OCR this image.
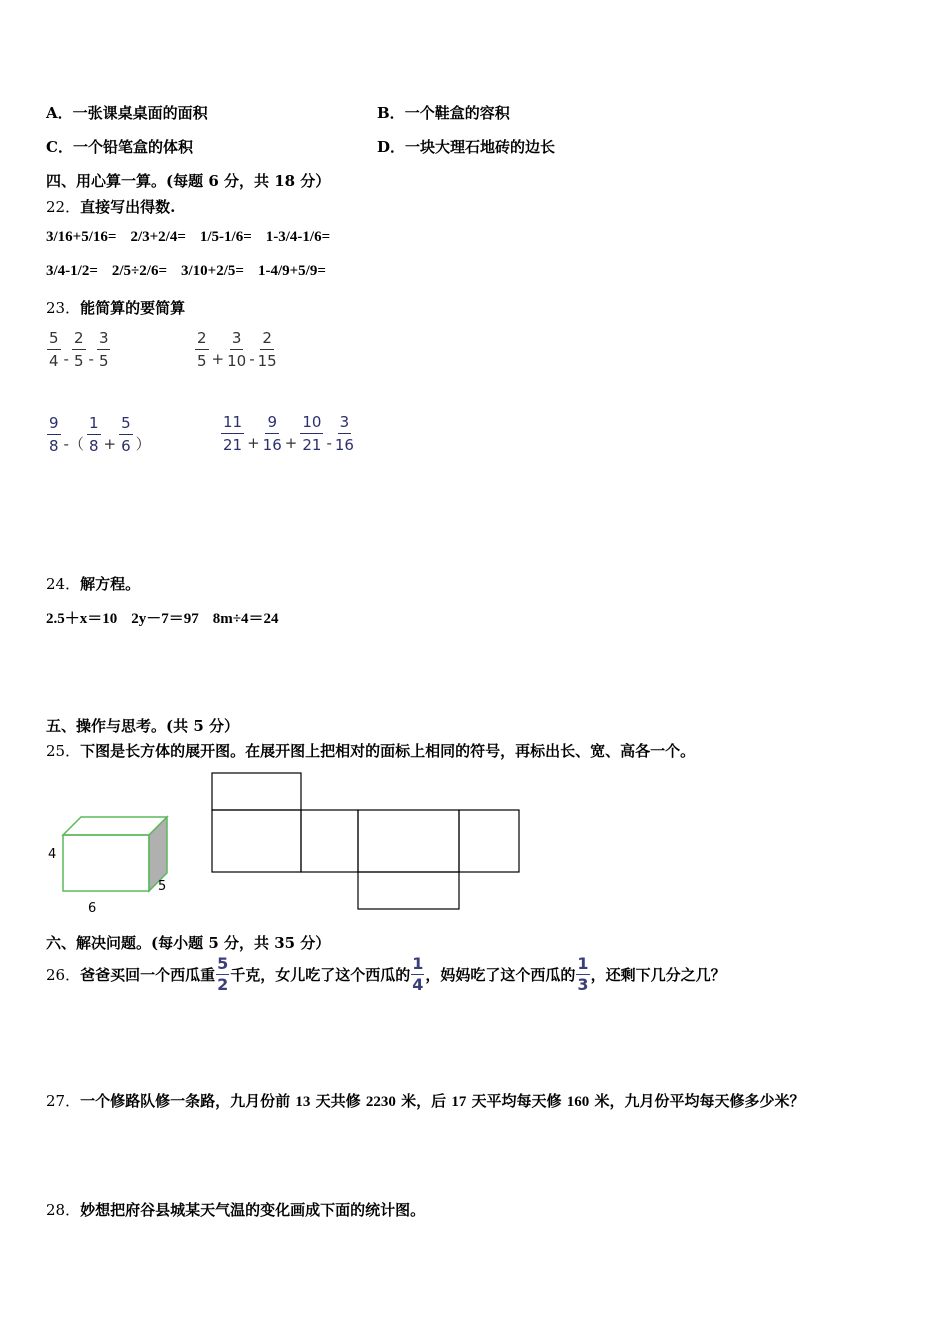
A．一张课桌桌面的面积	B．一个鞋盒的容积
C．一个铅笔盒的体积	D．一块大理石地砖的边长
四、用心算一算。(每题 6 分，共 18 分）
22．直接写出得数.
3/16+5/16= 2/3+2/4= 1/5-1/6= 1-3/4-1/6=
3/4-1/2= 2/5÷2/6= 3/10+2/5= 1-4/9+5/9=
23．能简算的要简算
$\frac{5}{4} - \frac{2}{5} - \frac{3}{5}$	$\frac{2}{5} + \frac{3}{10} - \frac{2}{15}$
$\frac{9}{8}$ -（ $\frac{1}{8} + \frac{5}{6}$ ）	$\frac{11}{21} + \frac{9}{16} + \frac{10}{21} - \frac{3}{16}$
24．解方程。
2.5＋x＝10 2y－7＝97 8m÷4＝24
五、操作与思考。(共 5 分）
25．下图是长方体的展开图。在展开图上把相对的面标上相同的符号，再标出长、宽、高各一个。
4
6
5
六、解决问题。(每小题 5 分，共 35 分）
26． 爸爸买回一个西瓜重 $\frac{5}{2}$ 千克，女儿吃了这个西瓜的 $\frac{1}{4}$ ，妈妈吃了这个西瓜的 $\frac{1}{3}$ ，还剩下几分之几？
27．一个修路队修一条路，九月份前 13 天共修 2230 米，后 17 天平均每天修 160 米，九月份平均每天修多少米？
28．妙想把府谷县城某天气温的变化画成下面的统计图。
